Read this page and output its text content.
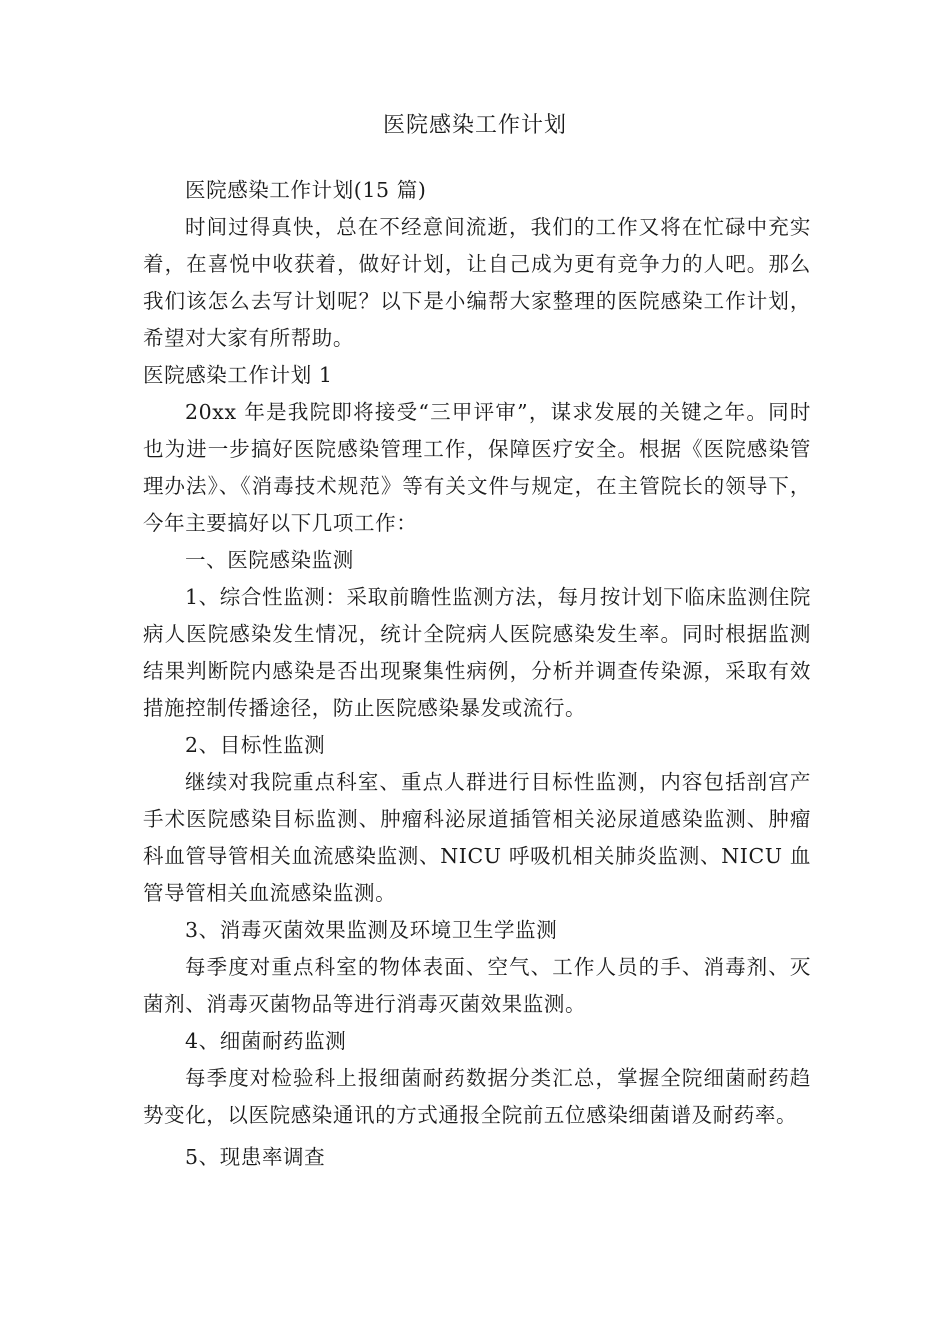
医院感染工作计划

医院感染工作计划(15 篇)

时间过得真快，总在不经意间流逝，我们的工作又将在忙碌中充实着，在喜悦中收获着，做好计划，让自己成为更有竞争力的人吧。那么我们该怎么去写计划呢？以下是小编帮大家整理的医院感染工作计划，希望对大家有所帮助。

医院感染工作计划 1

20xx 年是我院即将接受“三甲评审”，谋求发展的关键之年。同时也为进一步搞好医院感染管理工作，保障医疗安全。根据《医院感染管理办法》、《消毒技术规范》等有关文件与规定，在主管院长的领导下，今年主要搞好以下几项工作：

一、医院感染监测

1、综合性监测：采取前瞻性监测方法，每月按计划下临床监测住院病人医院感染发生情况，统计全院病人医院感染发生率。同时根据监测结果判断院内感染是否出现聚集性病例，分析并调查传染源，采取有效措施控制传播途径，防止医院感染暴发或流行。

2、目标性监测

继续对我院重点科室、重点人群进行目标性监测，内容包括剖宫产手术医院感染目标监测、肿瘤科泌尿道插管相关泌尿道感染监测、肿瘤科血管导管相关血流感染监测、NICU 呼吸机相关肺炎监测、NICU 血管导管相关血流感染监测。

3、消毒灭菌效果监测及环境卫生学监测

每季度对重点科室的物体表面、空气、工作人员的手、消毒剂、灭菌剂、消毒灭菌物品等进行消毒灭菌效果监测。

4、细菌耐药监测

每季度对检验科上报细菌耐药数据分类汇总，掌握全院细菌耐药趋势变化，以医院感染通讯的方式通报全院前五位感染细菌谱及耐药率。

5、现患率调查
